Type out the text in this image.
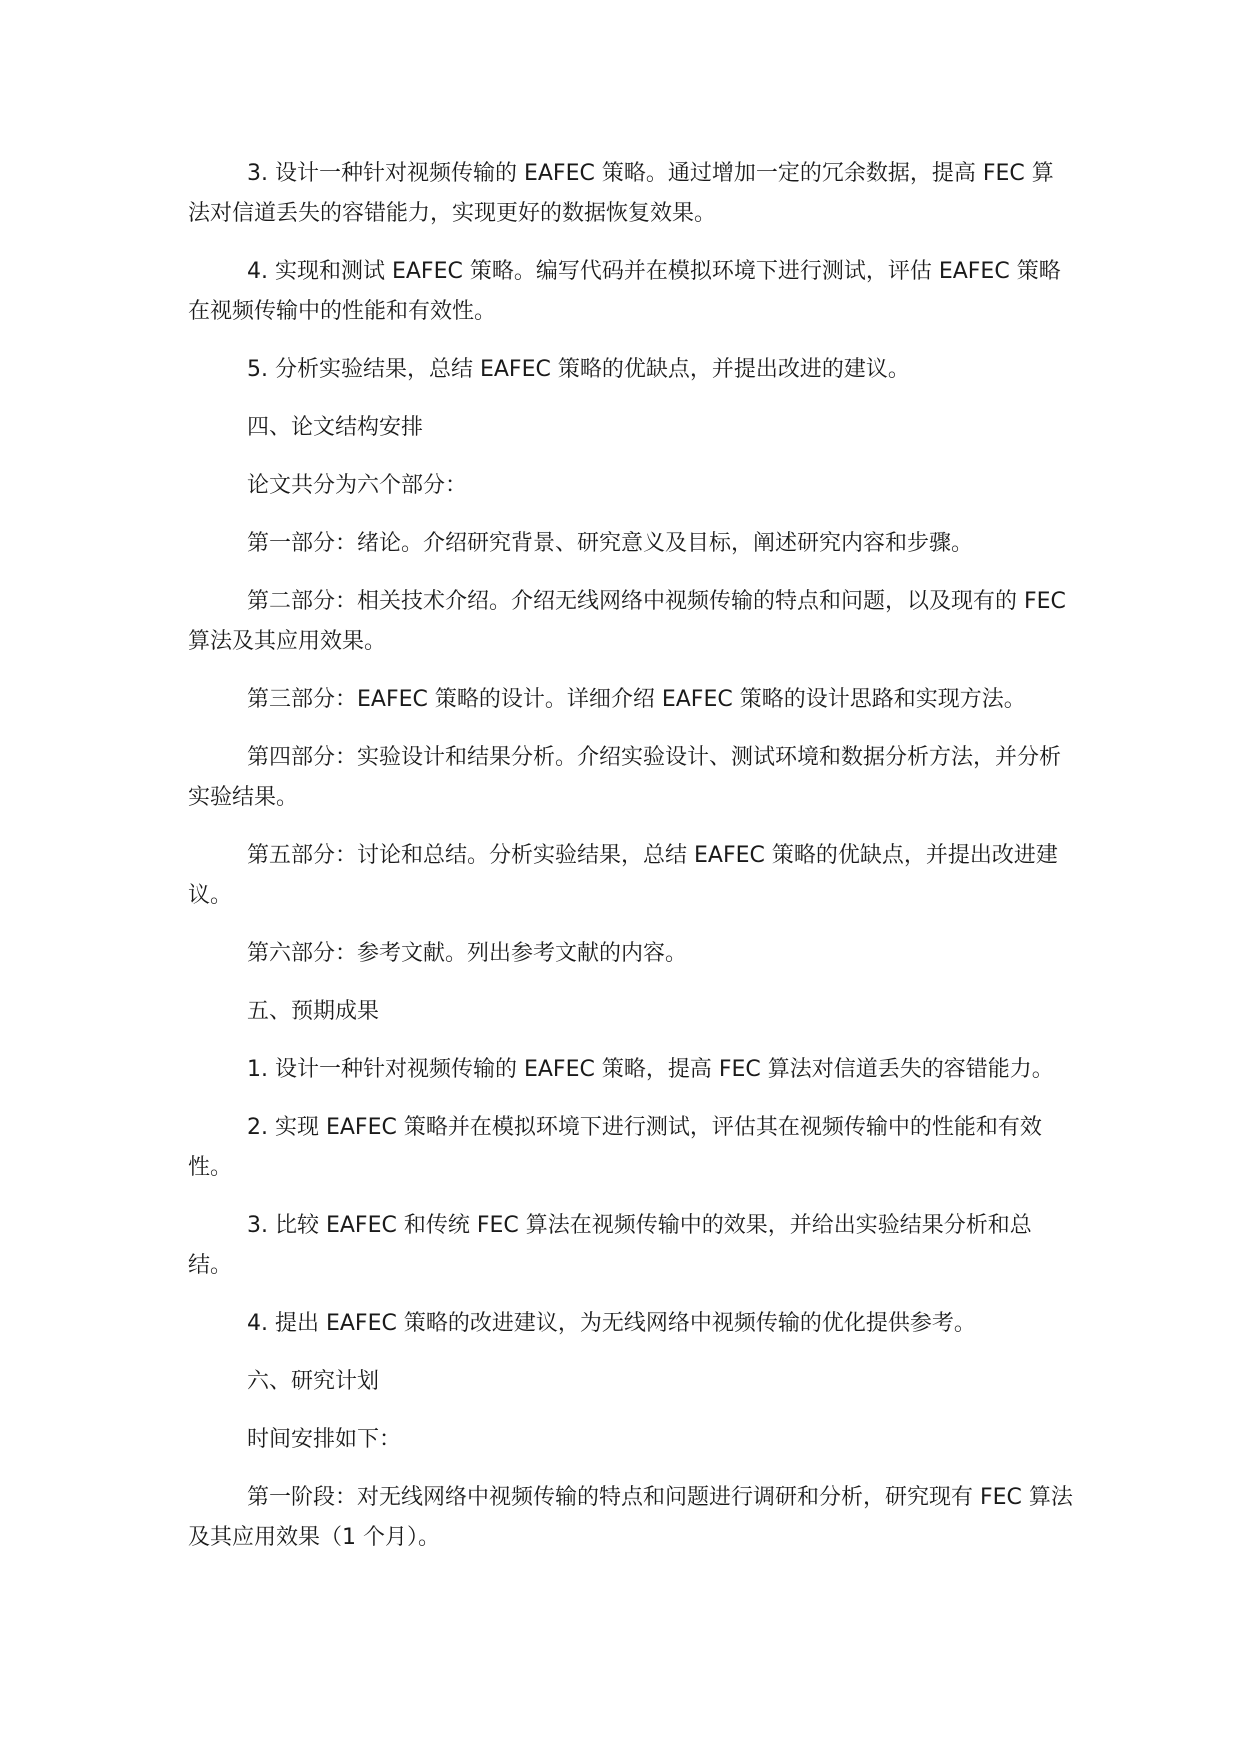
3. 设计一种针对视频传输的 EAFEC 策略。通过增加一定的冗余数据，提高 FEC 算法对信道丢失的容错能力，实现更好的数据恢复效果。

4. 实现和测试 EAFEC 策略。编写代码并在模拟环境下进行测试，评估 EAFEC 策略在视频传输中的性能和有效性。

5. 分析实验结果，总结 EAFEC 策略的优缺点，并提出改进的建议。

四、论文结构安排

论文共分为六个部分：

第一部分：绪论。介绍研究背景、研究意义及目标，阐述研究内容和步骤。

第二部分：相关技术介绍。介绍无线网络中视频传输的特点和问题，以及现有的 FEC 算法及其应用效果。

第三部分：EAFEC 策略的设计。详细介绍 EAFEC 策略的设计思路和实现方法。

第四部分：实验设计和结果分析。介绍实验设计、测试环境和数据分析方法，并分析实验结果。

第五部分：讨论和总结。分析实验结果，总结 EAFEC 策略的优缺点，并提出改进建议。

第六部分：参考文献。列出参考文献的内容。

五、预期成果

1. 设计一种针对视频传输的 EAFEC 策略，提高 FEC 算法对信道丢失的容错能力。

2. 实现 EAFEC 策略并在模拟环境下进行测试，评估其在视频传输中的性能和有效性。

3. 比较 EAFEC 和传统 FEC 算法在视频传输中的效果，并给出实验结果分析和总结。

4. 提出 EAFEC 策略的改进建议，为无线网络中视频传输的优化提供参考。

六、研究计划

时间安排如下：

第一阶段：对无线网络中视频传输的特点和问题进行调研和分析，研究现有 FEC 算法及其应用效果（1 个月）。
